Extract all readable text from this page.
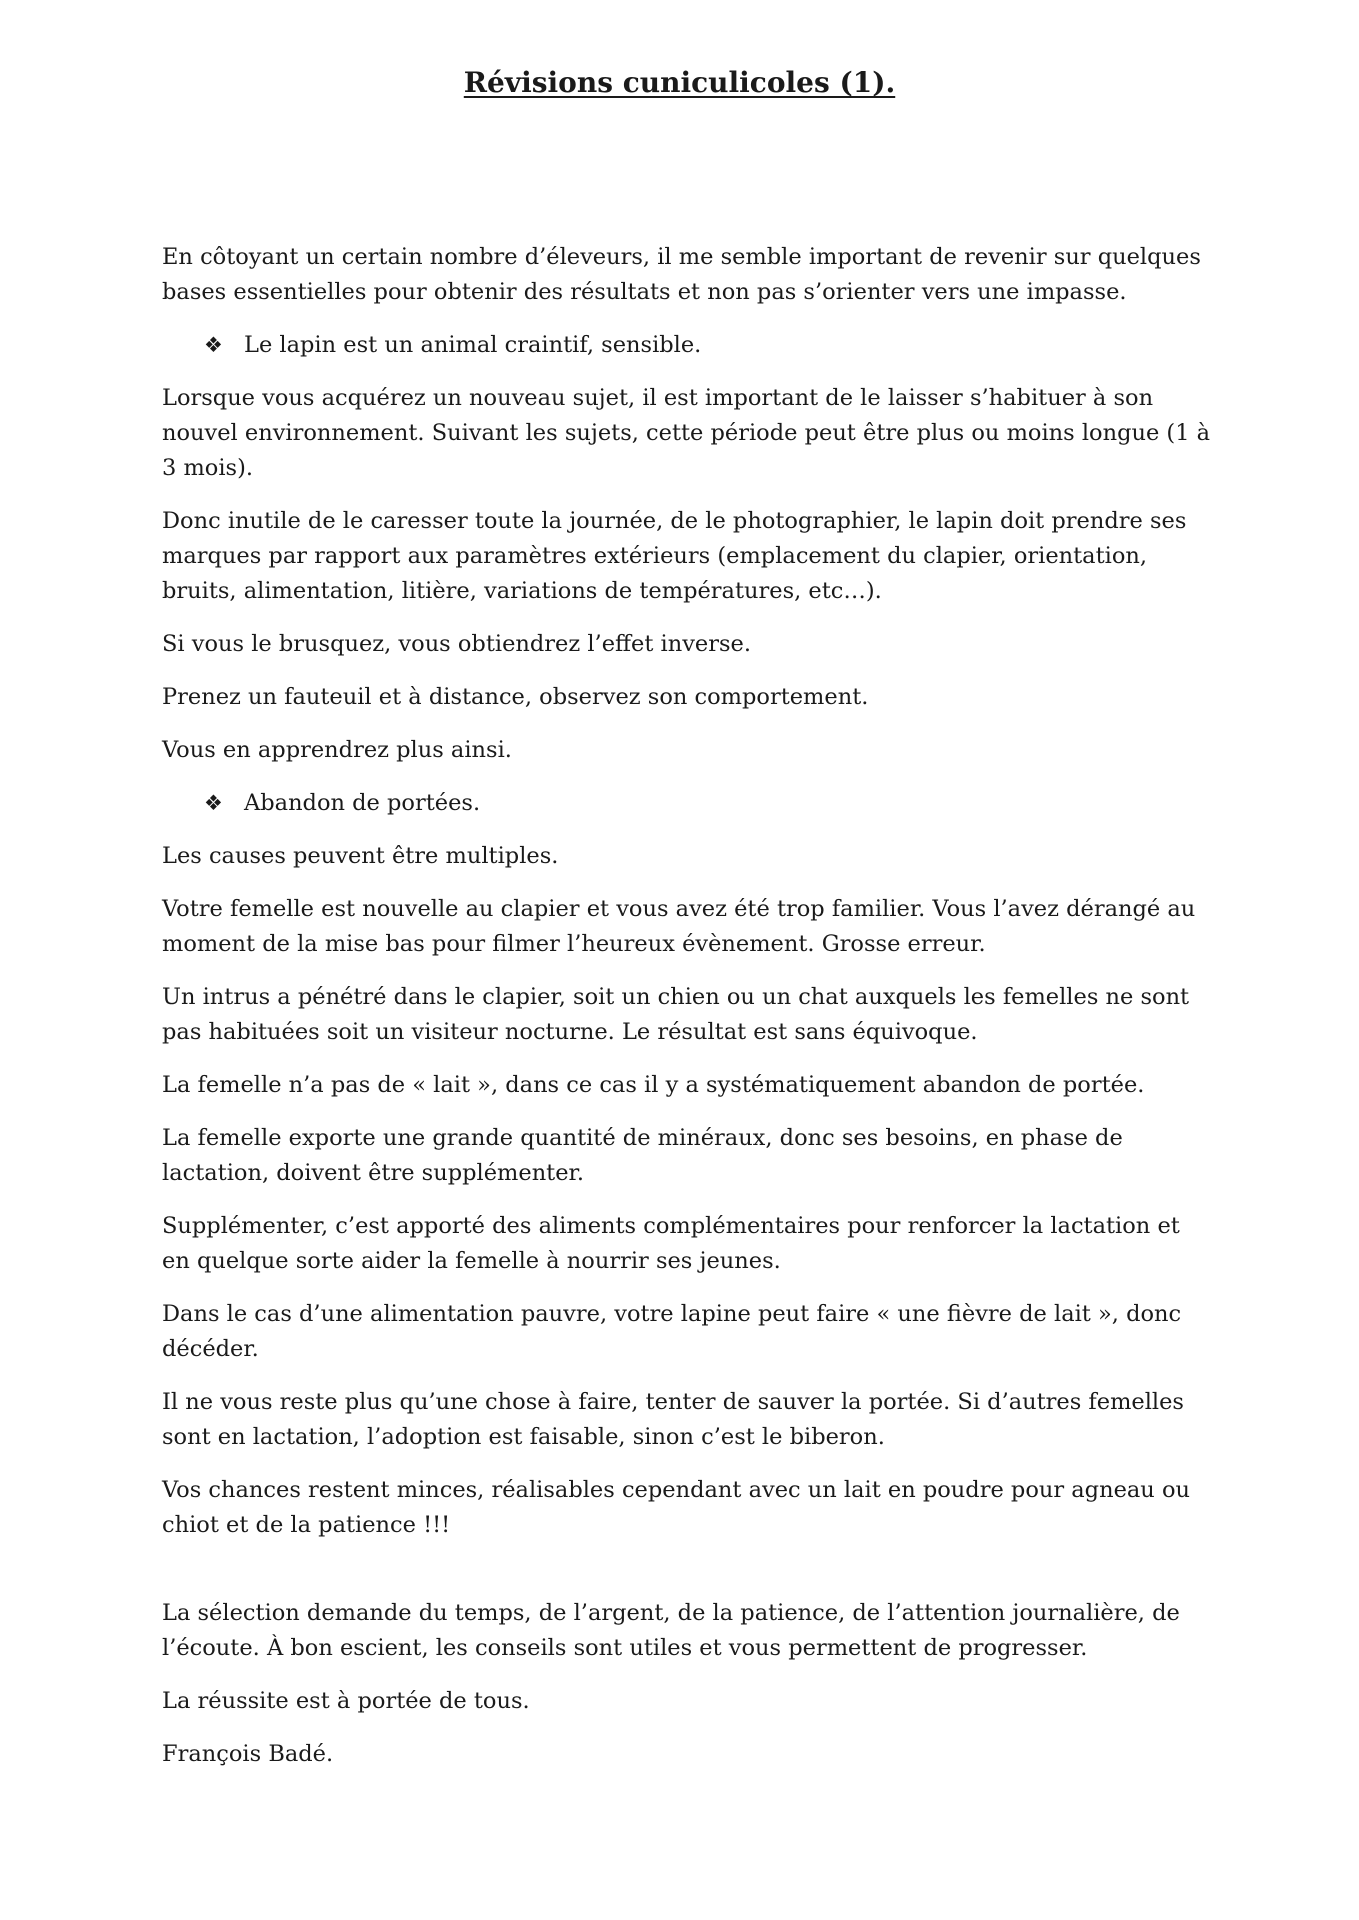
Révisions cuniculicoles (1).

En côtoyant un certain nombre d’éleveurs, il me semble important de revenir sur quelques bases essentielles pour obtenir des résultats et non pas s’orienter vers une impasse.

❖ Le lapin est un animal craintif, sensible.

Lorsque vous acquérez un nouveau sujet, il est important de le laisser s’habituer à son nouvel environnement. Suivant les sujets, cette période peut être plus ou moins longue (1 à 3 mois).

Donc inutile de le caresser toute la journée, de le photographier, le lapin doit prendre ses marques par rapport aux paramètres extérieurs (emplacement du clapier, orientation, bruits, alimentation, litière, variations de températures, etc…).

Si vous le brusquez, vous obtiendrez l’effet inverse.

Prenez un fauteuil et à distance, observez son comportement.

Vous en apprendrez plus ainsi.

❖ Abandon de portées.

Les causes peuvent être multiples.

Votre femelle est nouvelle au clapier et vous avez été trop familier. Vous l’avez dérangé au moment de la mise bas pour filmer l’heureux évènement. Grosse erreur.

Un intrus a pénétré dans le clapier, soit un chien ou un chat auxquels les femelles ne sont pas habituées soit un visiteur nocturne. Le résultat est sans équivoque.

La femelle n’a pas de « lait », dans ce cas il y a systématiquement abandon de portée.

La femelle exporte une grande quantité de minéraux, donc ses besoins, en phase de lactation, doivent être supplémenter.

Supplémenter, c’est apporté des aliments complémentaires pour renforcer la lactation et en quelque sorte aider la femelle à nourrir ses jeunes.

Dans le cas d’une alimentation pauvre, votre lapine peut faire « une fièvre de lait », donc décéder.

Il ne vous reste plus qu’une chose à faire, tenter de sauver la portée. Si d’autres femelles sont en lactation, l’adoption est faisable, sinon c’est le biberon.

Vos chances restent minces, réalisables cependant avec un lait en poudre pour agneau ou chiot et de la patience !!!

La sélection demande du temps, de l’argent, de la patience, de l’attention journalière, de l’écoute. À bon escient, les conseils sont utiles et vous permettent de progresser.

La réussite est à portée de tous.

François Badé.
